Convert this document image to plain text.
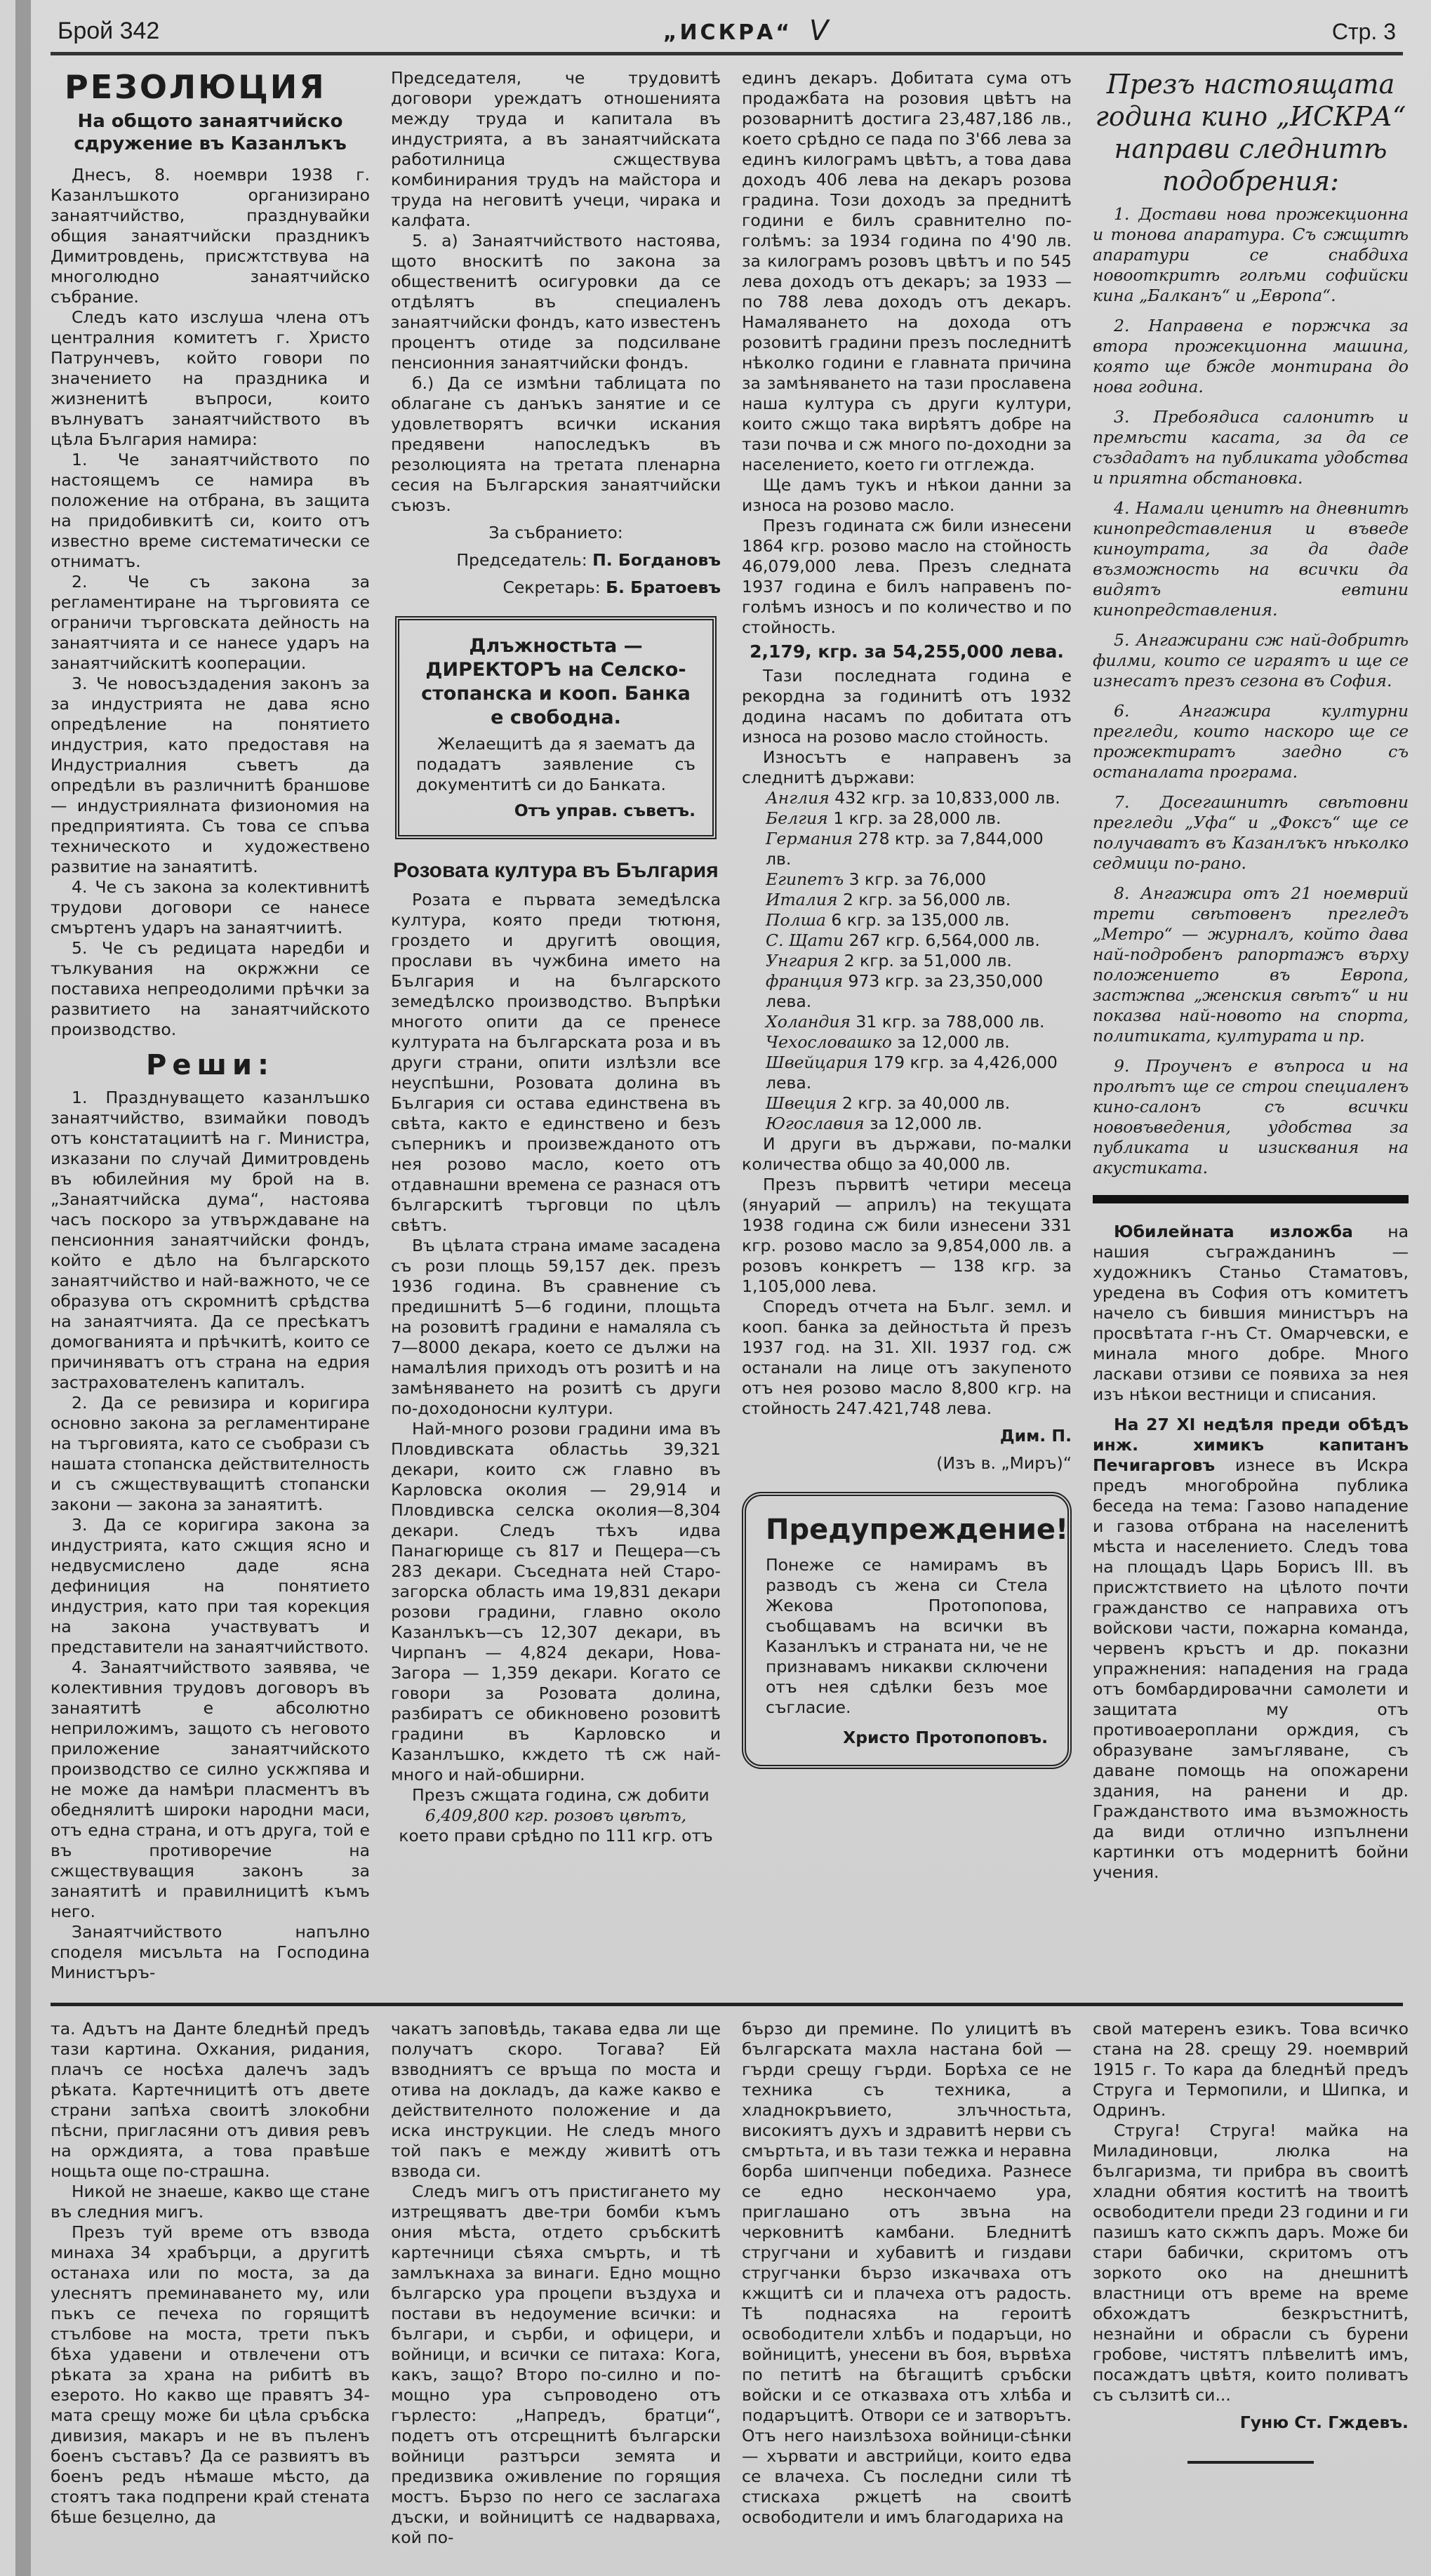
Брой 342	„ИСКРА“ V	Стр. 3
РЕЗОЛЮЦИЯ
На общото занаятчийско сдружение въ Казанлъкъ

Днесъ, 8. ноември 1938 г. Казанлъшкото организирано занаятчийство, празднувайки общия занаятчийски праздникъ Димитровдень, присжтствува на многолюдно занаятчийско събрание.

Следъ като изслуша члена отъ централния комитетъ г. Христо Патрунчевъ, който говори по значението на праздника и жизненитѣ въпроси, които вълнуватъ занаятчийството въ цѣла България намира:

1. Че занаятчийството по настоящемъ се намира въ положение на отбрана, въ защита на придобивкитѣ си, които отъ известно време систематически се отниматъ.

2. Че съ закона за регламентиране на търговията се ограничи търговската дейность на занаятчията и се нанесе ударъ на занаятчийскитѣ кооперации.

3. Че новосъздадения законъ за за индустрията не дава ясно опредѣление на понятието индустрия, като предоставя на Индустриалния съветъ да опредѣли въ различнитѣ браншове — индустриялната физиономия на предприятията. Съ това се спъва техническото и художествено развитие на занаятитѣ.

4. Че съ закона за колективнитѣ трудови договори се нанесе смъртенъ ударъ на занаятчиитѣ.

5. Че съ редицата наредби и тълкувания на окржжни се поставиха непреодолими прѣчки за развитието на занаятчийското производство.

Реши:

1. Празднуващето казанлъшко занаятчийство, взимайки поводъ отъ констатациитѣ на г. Министра, изказани по случай Димитровдень въ юбилейния му брой на в. „Занаятчийска дума“, настоява часъ поскоро за утвърждаване на пенсионния занаятчийски фондъ, който е дѣло на българското занаятчийство и най-важното, че се образува отъ скромнитѣ срѣдства на занаятчията. Да се пресѣкатъ домогванията и прѣчкитѣ, които се причиняватъ отъ страна на едрия застрахователенъ капиталъ.

2. Да се ревизира и коригира основно закона за регламентиране на търговията, като се съобрази съ нашата стопанска действителность и съ сжществуващитѣ стопански закони — закона за занаятитѣ.

3. Да се коригира закона за индустрията, като сжщия ясно и недвусмислено даде ясна дефиниция на понятието индустрия, като при тая корекция на закона участвуватъ и представители на занаятчийството.

4. Занаятчийството заявява, че колективния трудовъ договоръ въ занаятитѣ е абсолютно неприложимъ, защото съ неговото приложение занаятчийското производство се силно ускжпява и не може да намѣри пласментъ въ обеднялитѣ широки народни маси, отъ една страна, и отъ друга, той е въ противоречие на сжществуващия законъ за занаятитѣ и правилницитѣ къмъ него.

Занаятчийството напълно споделя мисъльта на Господина Министъръ-

Председателя, че трудовитѣ договори уреждатъ отношенията между труда и капитала въ индустрията, а въ занаятчийската работилница сжществува комбинирания трудъ на майстора и труда на неговитѣ учеци, чирака и калфата.

5. а) Занаятчийството настоява, щото вноскитѣ по закона за общественитѣ осигуровки да се отдѣлятъ въ специаленъ занаятчийски фондъ, като известенъ процентъ отиде за подсилване пенсионния занаятчийски фондъ.

б.) Да се измѣни таблицата по облагане съ данъкъ занятие и се удовлетворятъ всички искания предявени напоследъкъ въ резолюцията на третата пленарна сесия на Българския занаятчийски съюзъ.

За събранието:
Председатель: П. Богдановъ
Секретарь: Б. Братоевъ
Длъжностьта — ДИРЕКТОРЪ на Селско-стопанска и кооп. Банка е свободна.

Желаещитѣ да я заематъ да подадатъ заявление съ документитѣ си до Банката.

Отъ управ. съветъ.
Розовата култура въ България

Розата е първата земедѣлска култура, която преди тютюня, гроздето и другитѣ овощия, прослави въ чужбина името на България и на българското земедѣлско производство. Въпрѣки многото опити да се пренесе културата на българската роза и въ други страни, опити излѣзли все неуспѣшни, Розовата долина въ България си остава единствена въ свѣта, както е единствено и безъ съперникъ и произвежданото отъ нея розово масло, което отъ отдавнашни времена се разнася отъ българскитѣ търговци по цѣлъ свѣтъ.

Въ цѣлата страна имаме засадена съ рози площь 59,157 дек. презъ 1936 година. Въ сравнение съ предишнитѣ 5—6 години, площьта на розовитѣ градини е намаляла съ 7—8000 декара, което се дължи на намалѣлия приходъ отъ розитѣ и на замѣняването на розитѣ съ други по-доходоносни култури.

Най-много розови градини има въ Пловдивската областьь 39,321 декари, които сж главно въ Карловска околия — 29,914 и Пловдивска селска околия—8,304 декари. Следъ тѣхъ идва Панагюрище съ 817 и Пещера—съ 283 декари. Съседната ней Старо-загорска область има 19,831 декари розови градини, главно около Казанлъкъ—съ 12,307 декари, въ Чирпанъ — 4,824 декари, Нова-Загора — 1,359 декари. Когато се говори за Розовата долина, разбиратъ се обикновено розовитѣ градини въ Карловско и Казанлъшко, кждето тѣ сж най-много и най-обширни.

Презъ сжщата година, сж добити

6,409,800 кгр. розовъ цвѣтъ,
което прави срѣдно по 111 кгр. отъ

единъ декаръ. Добитата сума отъ продажбата на розовия цвѣтъ на розоварнитѣ достига 23,487,186 лв., което срѣдно се пада по 3'66 лева за единъ килограмъ цвѣтъ, а това дава доходъ 406 лева на декаръ розова градина. Този доходъ за преднитѣ години е билъ сравнително по-голѣмъ: за 1934 година по 4'90 лв. за килограмъ розовъ цвѣтъ и по 545 лева доходъ отъ декаръ; за 1933 — по 788 лева доходъ отъ декаръ. Намаляването на дохода отъ розовитѣ градини презъ последнитѣ нѣколко години е главната причина за замѣняването на тази прославена наша култура съ други култури, които сжщо така вирѣятъ добре на тази почва и сж много по-доходни за населението, което ги отглежда.

Ще дамъ тукъ и нѣкои данни за износа на розово масло.

Презъ годината сж били изнесени 1864 кгр. розово масло на стойность 46,079,000 лева. Презъ следната 1937 година е билъ направенъ по-голѣмъ износъ и по количество и по стойность.

2,179, кгр. за 54,255,000 лева.

Тази последната година е рекордна за годинитѣ отъ 1932 додина насамъ по добитата отъ износа на розово масло стойность.

Износътъ е направенъ за следнитѣ държави:

Англия 432 кгр. за 10,833,000 лв.
Белгия 1 кгр. за 28,000 лв.
Германия 278 ктр. за 7,844,000 лв.
Египетъ 3 кгр. за 76,000
Италия 2 кгр. за 56,000 лв.
Полша 6 кгр. за 135,000 лв.
С. Щати 267 кгр. 6,564,000 лв.
Унгария 2 кгр. за 51,000 лв.
франция 973 кгр. за 23,350,000 лева.
Холандия 31 кгр. за 788,000 лв.
Чехословашко за 12,000 лв.
Швейцария 179 кгр. за 4,426,000 лева.
Швеция 2 кгр. за 40,000 лв.
Югославия за 12,000 лв.

И други въ държави, по-малки количества общо за 40,000 лв.

Презъ първитѣ четири месеца (януарий — априлъ) на текущата 1938 година сж били изнесени 331 кгр. розово масло за 9,854,000 лв. а розовъ конкретъ — 138 кгр. за 1,105,000 лева.

Споредъ отчета на Бълг. земл. и кооп. банка за дейностьта й презъ 1937 год. на 31. XII. 1937 год. сж останали на лице отъ закупеното отъ нея розово масло 8,800 кгр. на стойность 247.421,748 лева.

Дим. П.
(Изъ в. „Миръ)“
Предупреждение!

Понеже се намирамъ въ разводъ съ жена си Стела Жекова Протопопова, съобщавамъ на всички въ Казанлъкъ и страната ни, че не признавамъ никакви сключени отъ нея сдѣлки безъ мое съгласие.

Христо Протопоповъ.
Презъ настоящата година кино „ИСКРА“ направи следнитѣ подобрения:

1. Достави нова прожекционна и тонова апаратура. Съ сжщитѣ апаратури се снабдиха новооткритѣ голѣми софийски кина „Балканъ“ и „Европа“.

2. Направена е поржчка за втора прожекционна машина, която ще бжде монтирана до нова година.

3. Пребоядиса салонитѣ и премѣсти касата, за да се създадатъ на публиката удобства и приятна обстановка.

4. Намали ценитѣ на дневнитѣ кинопредставления и въведе киноутрата, за да даде възможность на всички да видятъ евтини кинопредставления.

5. Ангажирани сж най-добритѣ филми, които се играятъ и ще се изнесатъ презъ сезона въ София.

6. Ангажира културни прегледи, които наскоро ще се прожектиратъ заедно съ останалата програма.

7. Досегашнитѣ свѣтовни прегледи „Уфа“ и „Фоксъ“ ще се получаватъ въ Казанлъкъ нѣколко седмици по-рано.

8. Ангажира отъ 21 ноемврий трети свѣтовенъ прегледъ „Метро“ — журналъ, който дава най-подробенъ рапортажъ върху положението въ Европа, застжпва „женския свѣтъ“ и ни показва най-новото на спорта, политиката, културата и пр.

9. Проученъ е въпроса и на пролѣтъ ще се строи специаленъ кино-салонъ съ всички нововъведения, удобства за публиката и изисквания на акустиката.

Юбилейната изложба на нашия съгражданинъ — художникъ Станьо Стаматовъ, уредена въ София отъ комитетъ начело съ бившия министъръ на просвѣтата г-нъ Ст. Омарчевски, е минала много добре. Много ласкави отзиви се появиха за нея изъ нѣкои вестници и списания.

На 27 XI недѣля преди обѣдъ инж. химикъ капитанъ Печигарговъ изнесе въ Искра предъ многобройна публика беседа на тема: Газово нападение и газова отбрана на населенитѣ мѣста и населението. Следъ това на площадъ Царь Борисъ III. въ присжтствието на цѣлото почти гражданство се направиха отъ войскови части, пожарна команда, червенъ кръстъ и др. показни упражнения: нападения на града отъ бомбардировачни самолети и защитата му отъ противоаероплани орждия, съ образуване замъгляване, съ даване помощь на опожарени здания, на ранени и др. Гражданството има възможность да види отлично изпълнени картинки отъ модернитѣ бойни учения.

та. Адътъ на Данте бледнѣй предъ тази картина. Охкания, ридания, плачъ се носѣха далечъ задъ рѣката. Картечницитѣ отъ двете страни запѣха своитѣ злокобни пѣсни, пригласяни отъ дивия ревъ на орждията, а това правѣше нощьта още по-страшна.

Никой не знаеше, какво ще стане въ следния мигъ.

Презъ туй време отъ взвода минаха 34 храбърци, а другитѣ останаха или по моста, за да улеснятъ преминаването му, или пъкъ се печеха по горящитѣ стълбове на моста, трети пъкъ бѣха удавени и отвлечени отъ рѣката за храна на рибитѣ въ езерото. Но какво ще правятъ 34-мата срещу може би цѣла сръбска дивизия, макаръ и не въ пъленъ боенъ съставъ? Да се развиятъ въ боенъ редъ нѣмаше мѣсто, да стоятъ така подпрени край стената бѣше безцелно, да

чакатъ заповѣдь, такава едва ли ще получатъ скоро. Тогава? Ей взводниятъ се връща по моста и отива на докладъ, да каже какво е действителното положение и да иска инструкции. Не следъ много той пакъ е между живитѣ отъ взвода си.

Следъ мигъ отъ пристигането му изтрещяватъ две-три бомби къмъ ония мѣста, отдето сръбскитѣ картечници сѣяха смърть, и тѣ замлъкнаха за винаги. Едно мощно българско ура процепи въздуха и постави въ недоумение всички: и българи, и сърби, и офицери, и войници, и всички се питаха: Кога, какъ, защо? Второ по-силно и по-мощно ура съпроводено отъ гърлесто: „Напредъ, братци“, подетъ отъ отсрещнитѣ български войници разтърси земята и предизвика оживление по горящия мостъ. Бързо по него се заслагаха дъски, и войницитѣ се надварваха, кой по-

бързо ди премине. По улицитѣ въ българската махла настана бой — гърди срещу гърди. Борѣха се не техника съ техника, а хладнокръвието, злъчностьта, високиятъ духъ и здравитѣ нерви съ смъртьта, и въ тази тежка и неравна борба шипченци победиха. Разнесе се едно нескончаемо ура, приглашано отъ звъна на черковнитѣ камбани. Бледнитѣ стругчани и хубавитѣ и гиздави стругчанки бързо изкачваха отъ кжщитѣ си и плачеха отъ радость. Тѣ поднасяха на героитѣ освободители хлѣбъ и подаръци, но войницитѣ, унесени въ боя, вървѣха по петитѣ на бѣгащитѣ сръбски войски и се отказваха отъ хлѣба и подаръцитѣ. Отвори се и затворътъ. Отъ него наизлѣзоха войници-сѣнки — хървати и австрийци, които едва се влачеха. Съ последни сили тѣ стискаха ржцетѣ на своитѣ освободители и имъ благодариха на

свой матеренъ езикъ. Това всичко стана на 28. срещу 29. ноемврий 1915 г. То кара да бледнѣй предъ Струга и Термопили, и Шипка, и Одринъ.

Струга! Струга! майка на Миладиновци, люлка на българизма, ти прибра въ своитѣ хладни обятия коститѣ на твоитѣ освободители преди 23 години и ги пазишъ като скжпъ даръ. Може би стари бабички, скритомъ отъ зоркото око на днешнитѣ властници отъ време на време обхождатъ безкръстнитѣ, незнайни и обрасли съ бурени гробове, чистятъ плѣвелитѣ имъ, посаждатъ цвѣтя, които поливатъ съ сълзитѣ си...

Гуню Ст. Гждевъ.
